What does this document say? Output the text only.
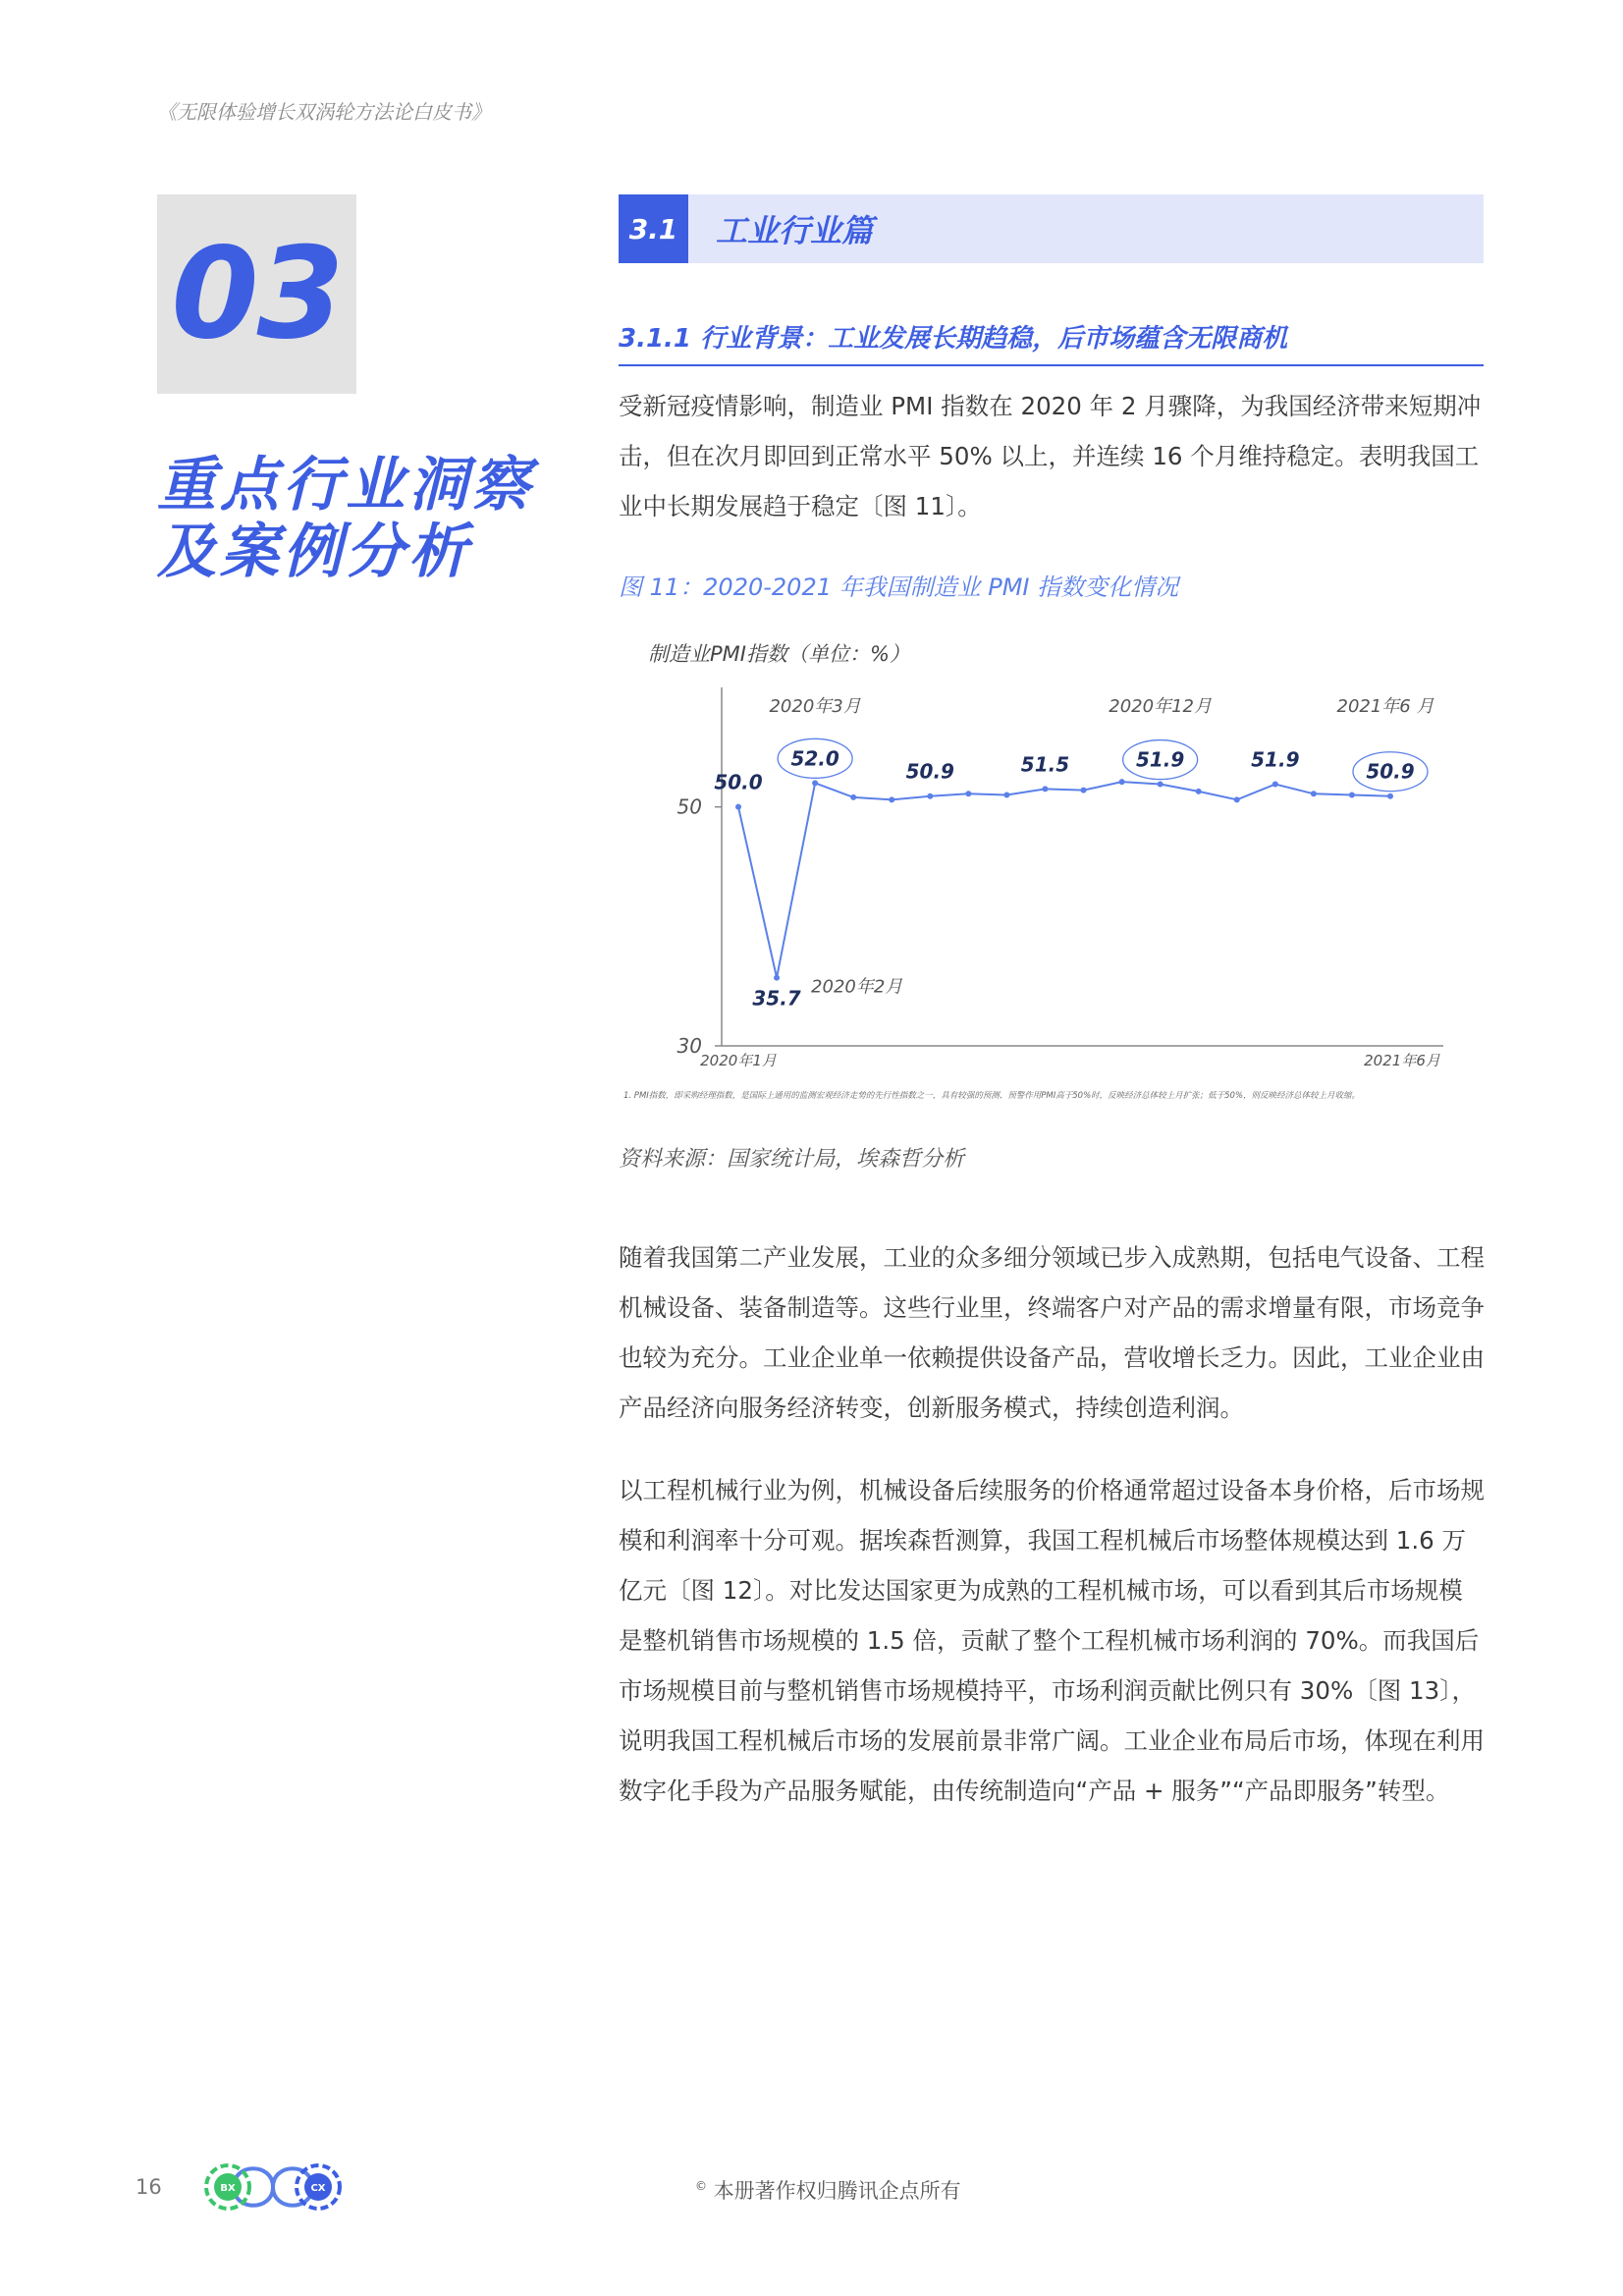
《无限体验增长双涡轮方法论白皮书》
03
重点行业洞察
及案例分析
3.1	工业行业篇
3.1.1 行业背景：工业发展长期趋稳，后市场蕴含无限商机

受新冠疫情影响，制造业 PMI 指数在 2020 年 2 月骤降，为我国经济带来短期冲击，但在次月即回到正常水平 50% 以上，并连续 16 个月维持稳定。表明我国工业中长期发展趋于稳定〔图 11〕。

图 11：2020-2021 年我国制造业 PMI 指数变化情况
制造业PMI指数（单位：%）
30
50
50.0
35.7
52.0
50.9	51.5	51.9	51.9
50.9
2020年3月	2020年12月	2021年6 月
2020年2月
2020年1月	2021年6月
1. PMI指数，即采购经理指数，是国际上通用的监测宏观经济走势的先行性指数之一，具有较强的预测、预警作用PMI高于50%时，反映经济总体较上月扩张；低于50%，则反映经济总体较上月收缩。
资料来源：国家统计局，埃森哲分析

随着我国第二产业发展，工业的众多细分领域已步入成熟期，包括电气设备、工程机械设备、装备制造等。这些行业里，终端客户对产品的需求增量有限，市场竞争也较为充分。工业企业单一依赖提供设备产品，营收增长乏力。因此，工业企业由产品经济向服务经济转变，创新服务模式，持续创造利润。

以工程机械行业为例，机械设备后续服务的价格通常超过设备本身价格，后市场规模和利润率十分可观。据埃森哲测算，我国工程机械后市场整体规模达到 1.6 万亿元〔图 12〕。对比发达国家更为成熟的工程机械市场，可以看到其后市场规模是整机销售市场规模的 1.5 倍，贡献了整个工程机械市场利润的 70%。而我国后市场规模目前与整机销售市场规模持平，市场利润贡献比例只有 30%〔图 13〕，说明我国工程机械后市场的发展前景非常广阔。工业企业布局后市场，体现在利用数字化手段为产品服务赋能，由传统制造向“产品 + 服务”“产品即服务”转型。

16	BX	CX	© 本册著作权归腾讯企点所有
